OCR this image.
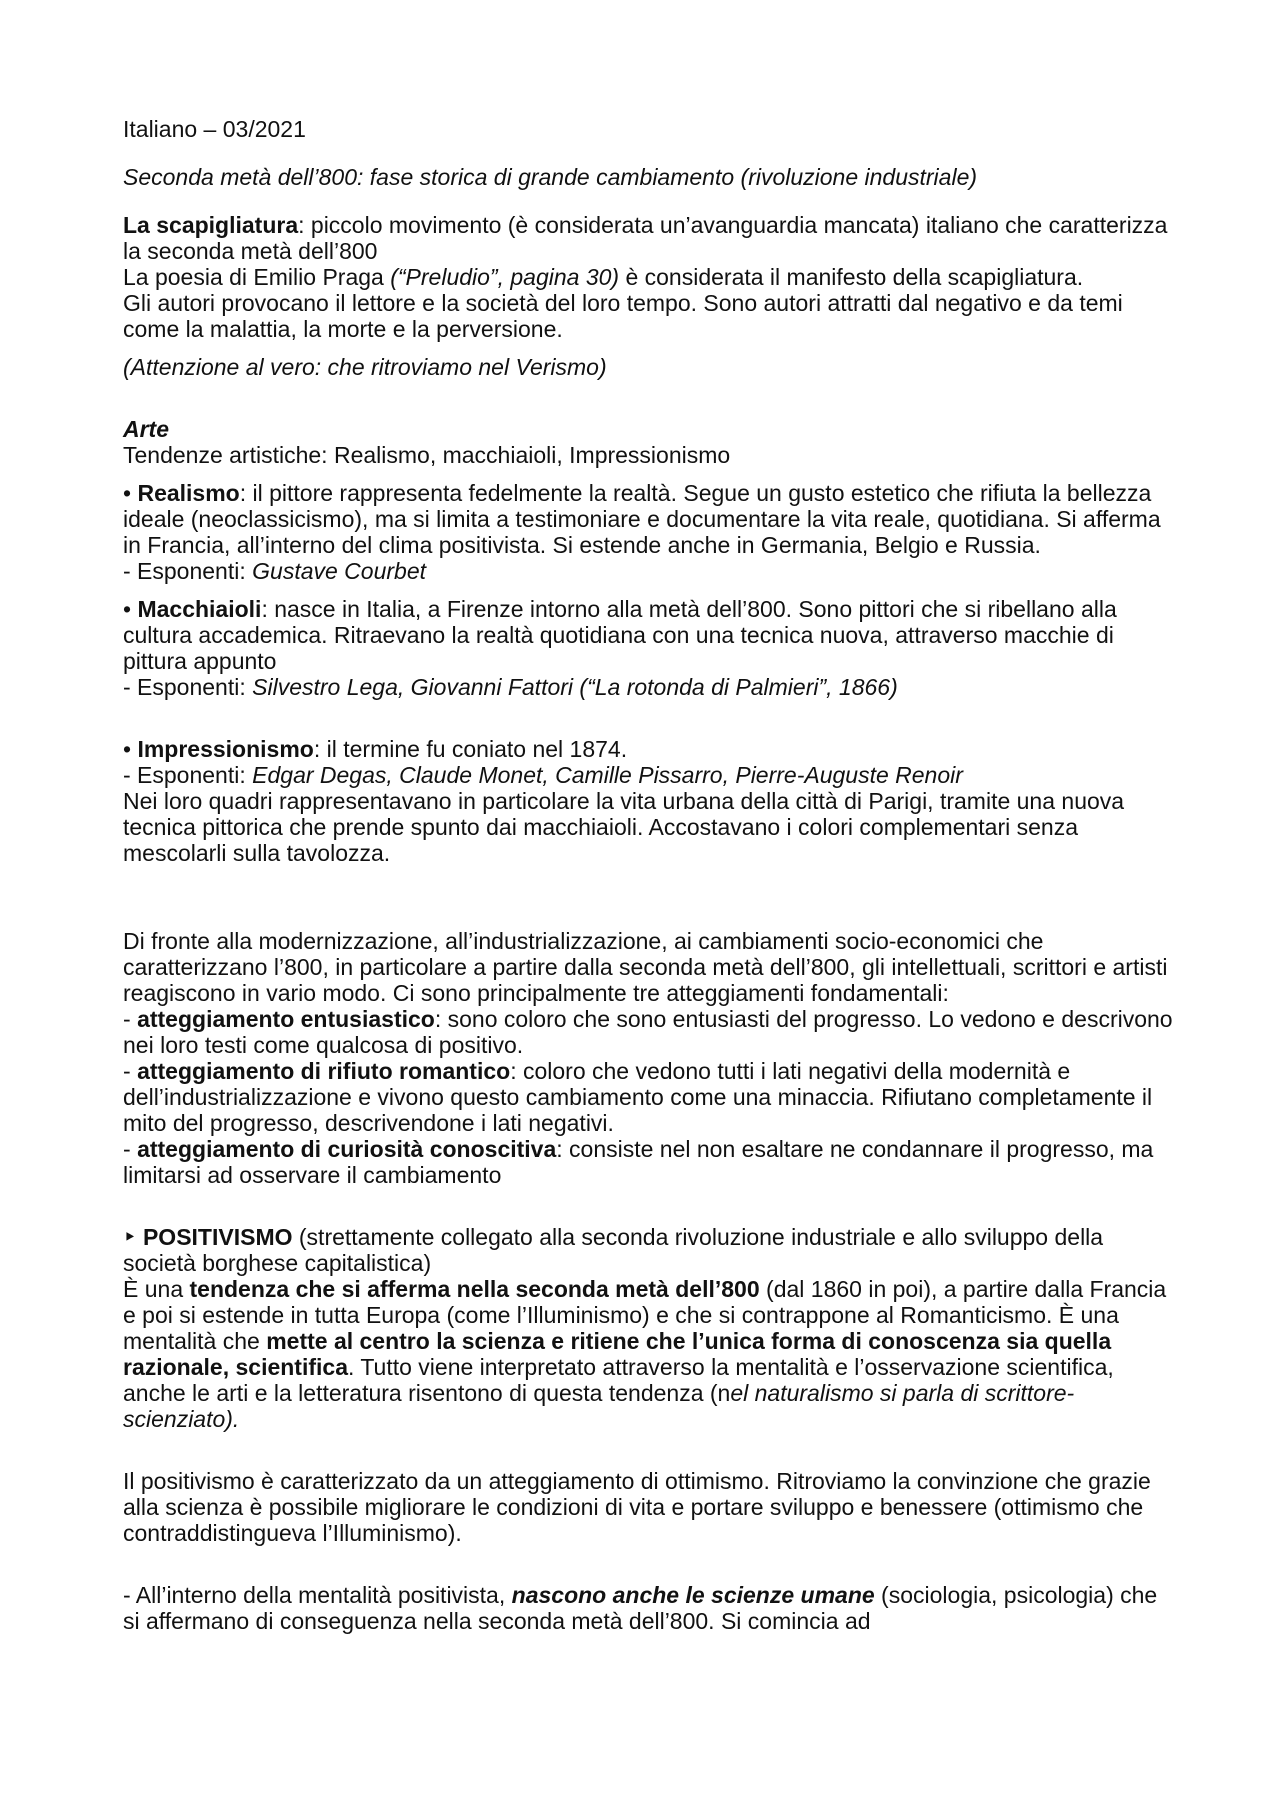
Italiano – 03/2021

Seconda metà dell’800: fase storica di grande cambiamento (rivoluzione industriale)

La scapigliatura: piccolo movimento (è considerata un’avanguardia mancata) italiano che caratterizza la seconda metà dell’800

La poesia di Emilio Praga (“Preludio”, pagina 30) è considerata il manifesto della scapigliatura.

Gli autori provocano il lettore e la società del loro tempo. Sono autori attratti dal negativo e da temi come la malattia, la morte e la perversione.

(Attenzione al vero: che ritroviamo nel Verismo)

Arte

Tendenze artistiche: Realismo, macchiaioli, Impressionismo

• Realismo: il pittore rappresenta fedelmente la realtà. Segue un gusto estetico che rifiuta la bellezza ideale (neoclassicismo), ma si limita a testimoniare e documentare la vita reale, quotidiana. Si afferma in Francia, all’interno del clima positivista. Si estende anche in Germania, Belgio e Russia.

- Esponenti: Gustave Courbet

• Macchiaioli: nasce in Italia, a Firenze intorno alla metà dell’800. Sono pittori che si ribellano alla cultura accademica. Ritraevano la realtà quotidiana con una tecnica nuova, attraverso macchie di pittura appunto

- Esponenti: Silvestro Lega, Giovanni Fattori (“La rotonda di Palmieri”, 1866)

• Impressionismo: il termine fu coniato nel 1874.

- Esponenti: Edgar Degas, Claude Monet, Camille Pissarro, Pierre-Auguste Renoir

Nei loro quadri rappresentavano in particolare la vita urbana della città di Parigi, tramite una nuova tecnica pittorica che prende spunto dai macchiaioli. Accostavano i colori complementari senza mescolarli sulla tavolozza.

Di fronte alla modernizzazione, all’industrializzazione, ai cambiamenti socio-economici che caratterizzano l’800, in particolare a partire dalla seconda metà dell’800, gli intellettuali, scrittori e artisti reagiscono in vario modo. Ci sono principalmente tre atteggiamenti fondamentali:

- atteggiamento entusiastico: sono coloro che sono entusiasti del progresso. Lo vedono e descrivono nei loro testi come qualcosa di positivo.

- atteggiamento di rifiuto romantico: coloro che vedono tutti i lati negativi della modernità e dell’industrializzazione e vivono questo cambiamento come una minaccia. Rifiutano completamente il mito del progresso, descrivendone i lati negativi.

- atteggiamento di curiosità conoscitiva: consiste nel non esaltare ne condannare il progresso, ma limitarsi ad osservare il cambiamento

‣ POSITIVISMO (strettamente collegato alla seconda rivoluzione industriale e allo sviluppo della società borghese capitalistica)

È una tendenza che si afferma nella seconda metà dell’800 (dal 1860 in poi), a partire dalla Francia e poi si estende in tutta Europa (come l’Illuminismo) e che si contrappone al Romanticismo. È una mentalità che mette al centro la scienza e ritiene che l’unica forma di conoscenza sia quella razionale, scientifica. Tutto viene interpretato attraverso la mentalità e l’osservazione scientifica, anche le arti e la letteratura risentono di questa tendenza (nel naturalismo si parla di scrittore-scienziato).

Il positivismo è caratterizzato da un atteggiamento di ottimismo. Ritroviamo la convinzione che grazie alla scienza è possibile migliorare le condizioni di vita e portare sviluppo e benessere (ottimismo che contraddistingueva l’Illuminismo).

- All’interno della mentalità positivista, nascono anche le scienze umane (sociologia, psicologia) che si affermano di conseguenza nella seconda metà dell’800. Si comincia ad
